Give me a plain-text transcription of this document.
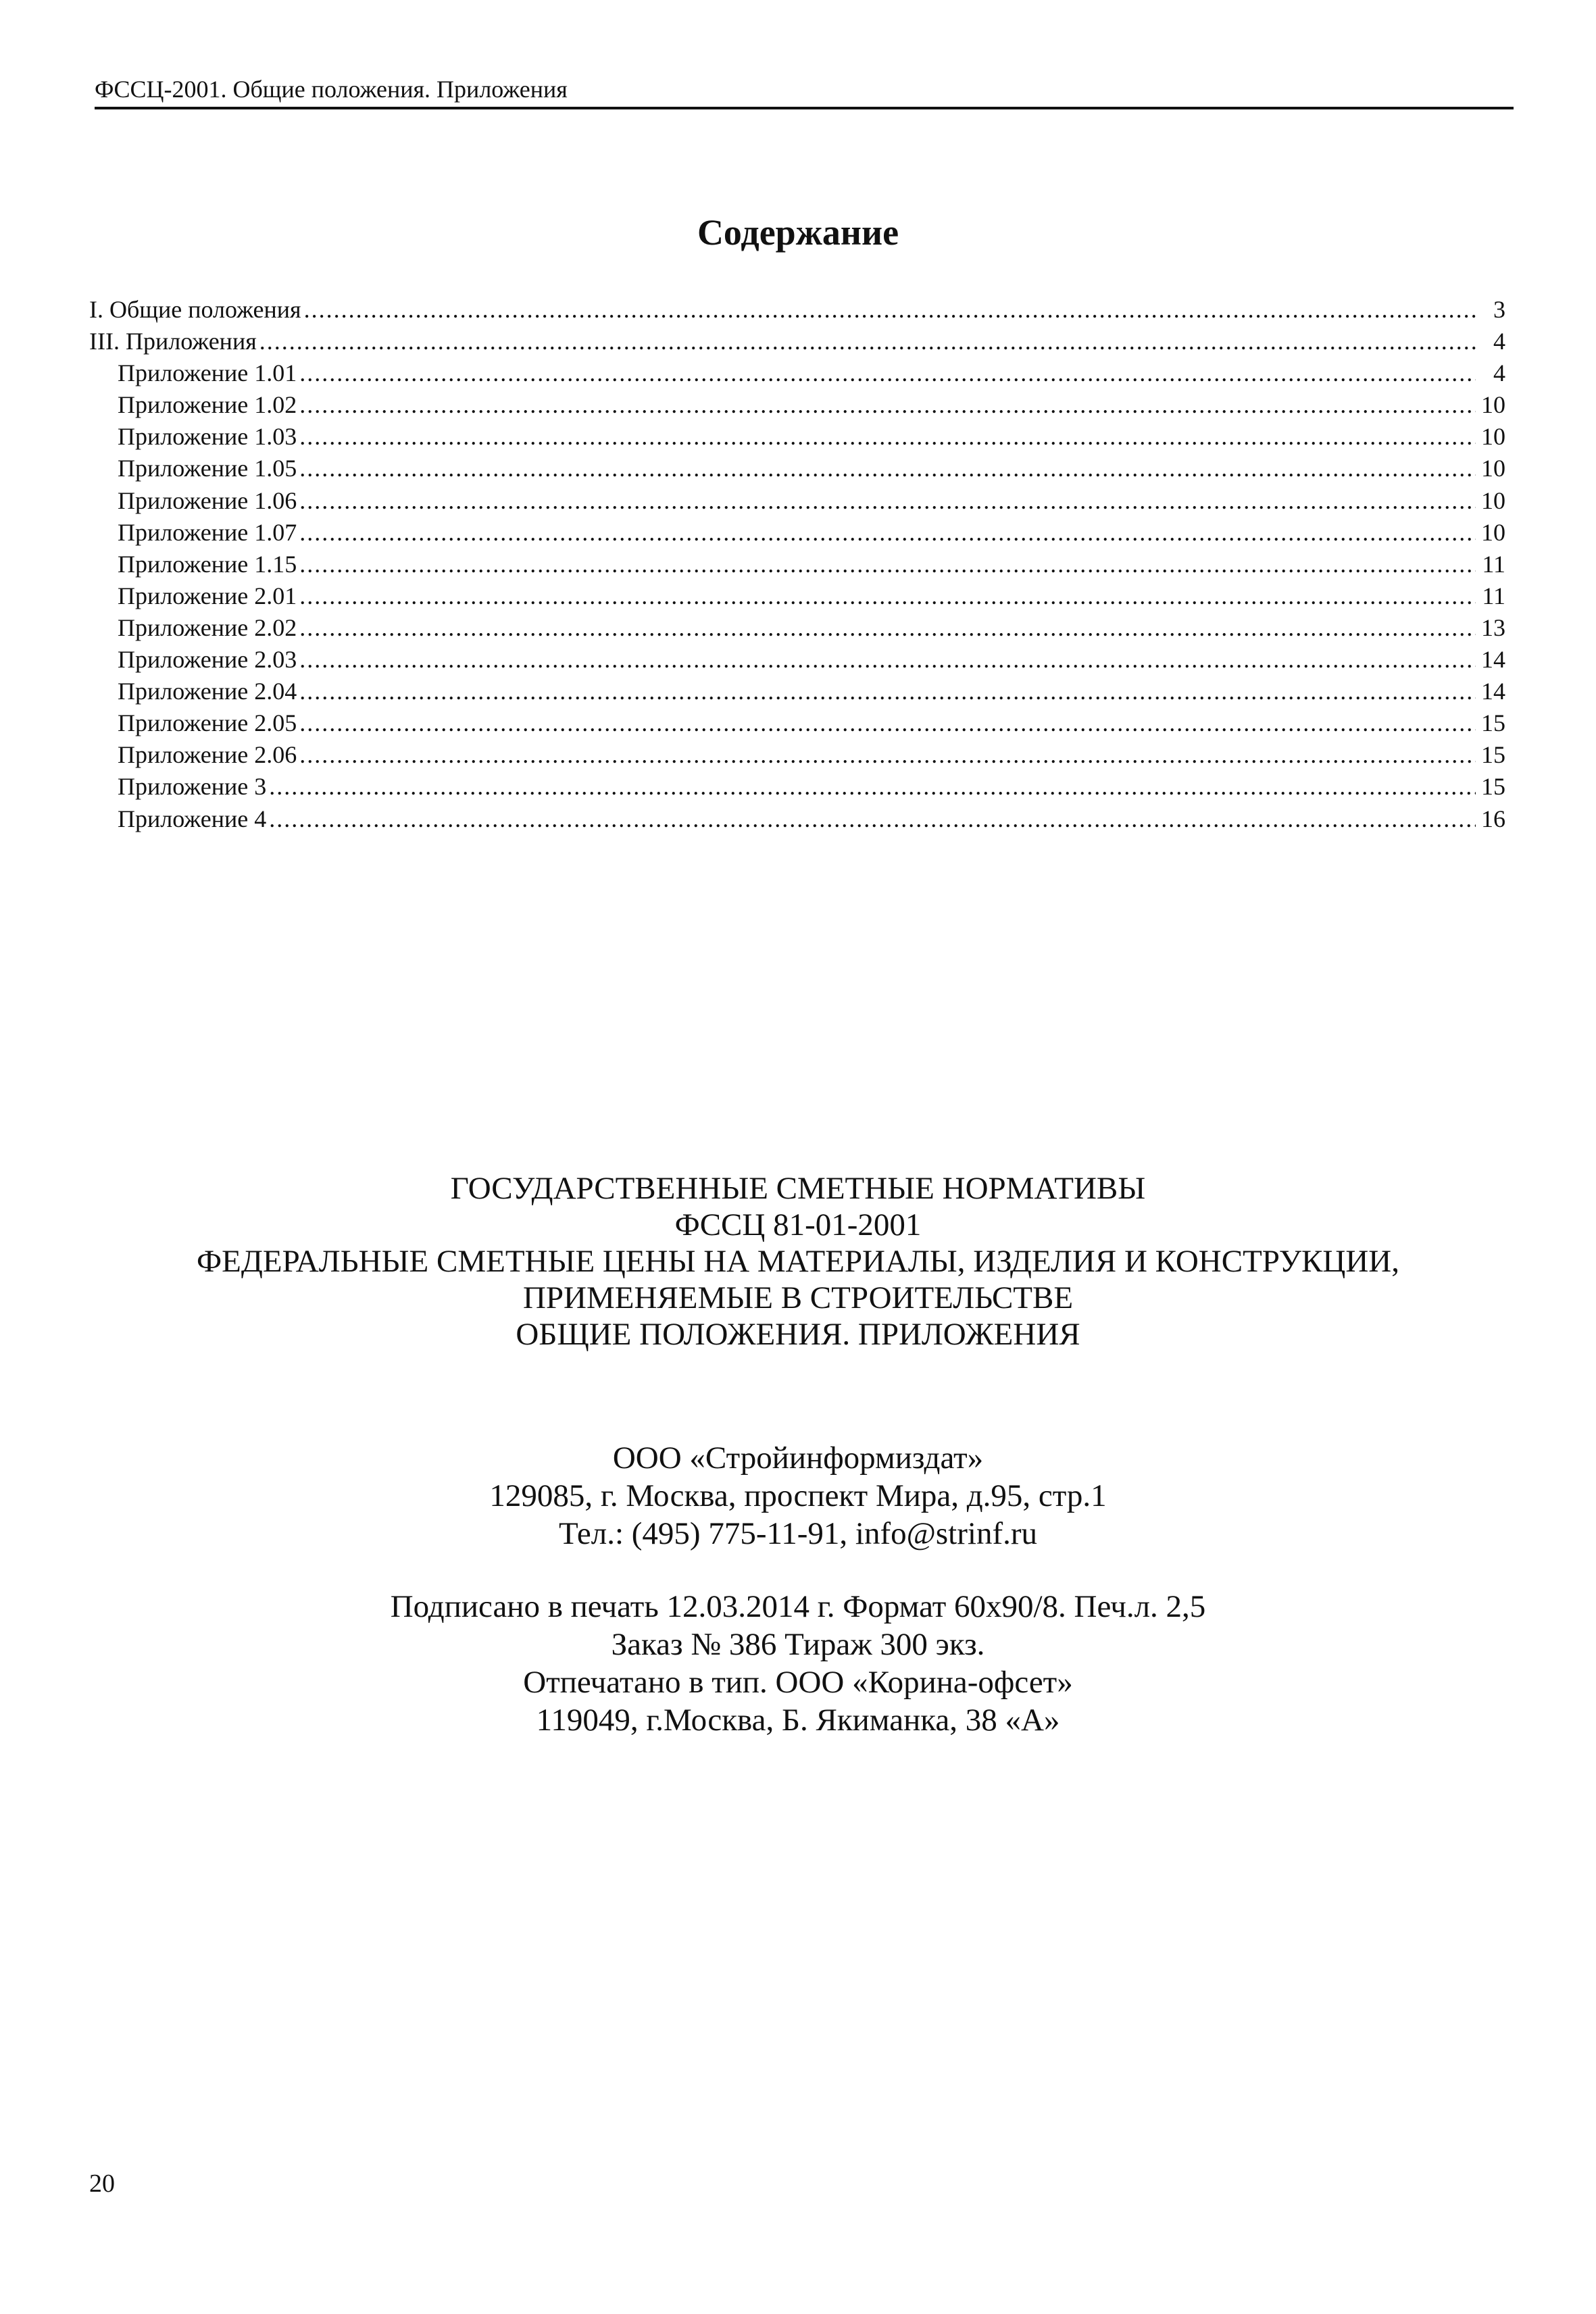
ФССЦ-2001. Общие положения. Приложения
Содержание
I. Общие положения .....	3
III. Приложения .....	4
Приложение 1.01 .....	4
Приложение 1.02 .....	10
Приложение 1.03 .....	10
Приложение 1.05 .....	10
Приложение 1.06 .....	10
Приложение 1.07 .....	10
Приложение 1.15 .....	11
Приложение 2.01 .....	11
Приложение 2.02 .....	13
Приложение 2.03 .....	14
Приложение 2.04 .....	14
Приложение 2.05 .....	15
Приложение 2.06 .....	15
Приложение 3 .....	15
Приложение 4 .....	16
ГОСУДАРСТВЕННЫЕ СМЕТНЫЕ НОРМАТИВЫ
ФССЦ 81-01-2001
ФЕДЕРАЛЬНЫЕ СМЕТНЫЕ ЦЕНЫ НА МАТЕРИАЛЫ, ИЗДЕЛИЯ И КОНСТРУКЦИИ,
ПРИМЕНЯЕМЫЕ В СТРОИТЕЛЬСТВЕ
ОБЩИЕ ПОЛОЖЕНИЯ. ПРИЛОЖЕНИЯ
ООО «Стройинформиздат»
129085, г. Москва, проспект Мира, д.95, стр.1
Тел.: (495) 775-11-91, info@strinf.ru
Подписано в печать 12.03.2014 г. Формат 60х90/8. Печ.л. 2,5
Заказ № 386 Тираж 300 экз.
Отпечатано в тип. ООО «Корина-офсет»
119049, г.Москва, Б. Якиманка, 38 «А»
20
